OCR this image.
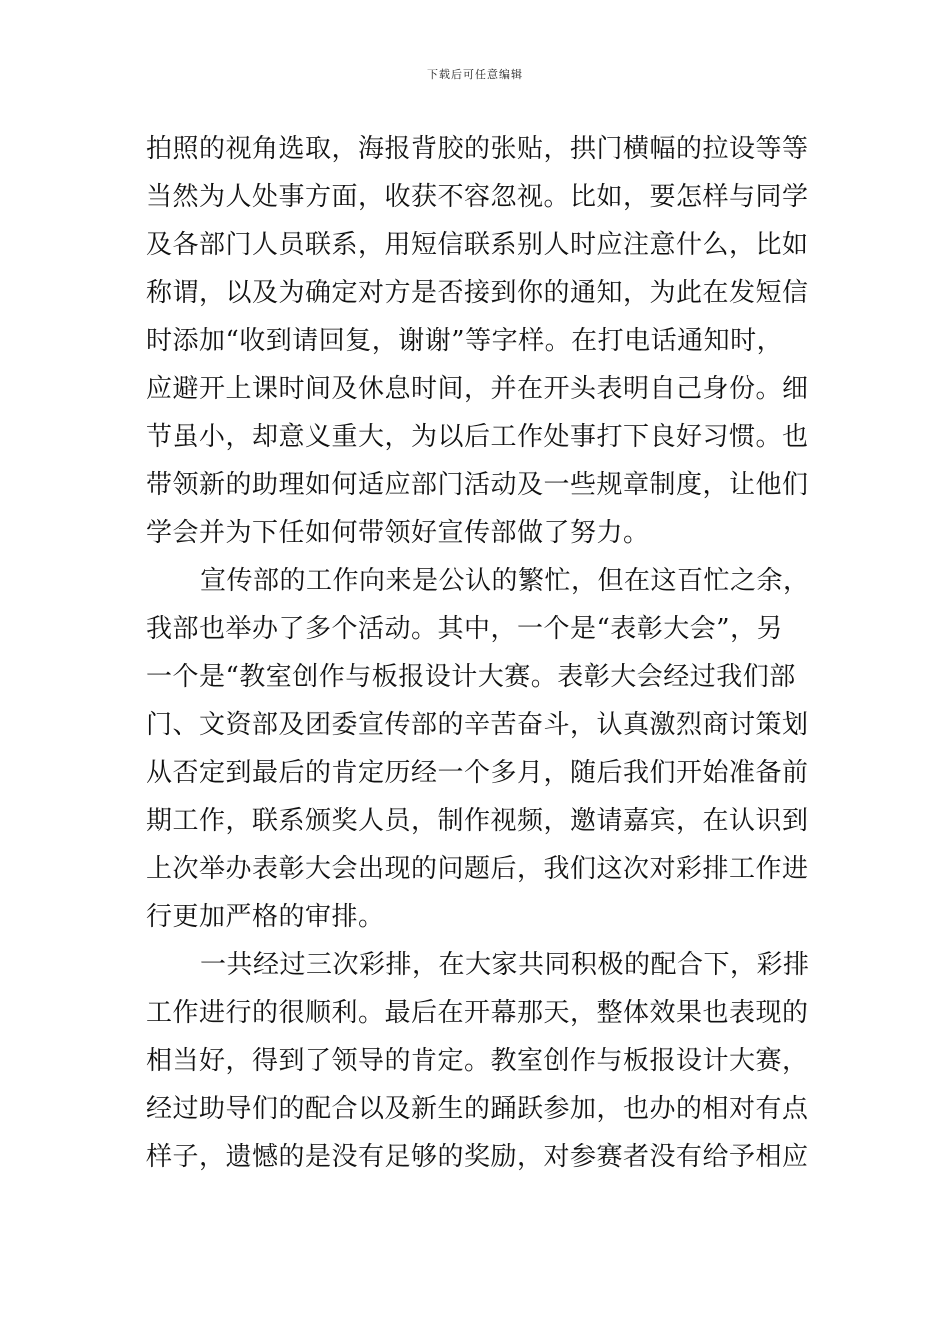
下载后可任意编辑
拍照的视角选取，海报背胶的张贴，拱门横幅的拉设等等
当然为人处事方面，收获不容忽视。比如，要怎样与同学
及各部门人员联系，用短信联系别人时应注意什么，比如
称谓，以及为确定对方是否接到你的通知，为此在发短信
时添加“收到请回复，谢谢”等字样。在打电话通知时，
应避开上课时间及休息时间，并在开头表明自己身份。细
节虽小，却意义重大，为以后工作处事打下良好习惯。也
带领新的助理如何适应部门活动及一些规章制度，让他们
学会并为下任如何带领好宣传部做了努力。
宣传部的工作向来是公认的繁忙，但在这百忙之余，
我部也举办了多个活动。其中，一个是“表彰大会”，另
一个是“教室创作与板报设计大赛。表彰大会经过我们部
门、文资部及团委宣传部的辛苦奋斗，认真激烈商讨策划
从否定到最后的肯定历经一个多月，随后我们开始准备前
期工作，联系颁奖人员，制作视频，邀请嘉宾，在认识到
上次举办表彰大会出现的问题后，我们这次对彩排工作进
行更加严格的审排。
一共经过三次彩排，在大家共同积极的配合下，彩排
工作进行的很顺利。最后在开幕那天，整体效果也表现的
相当好，得到了领导的肯定。教室创作与板报设计大赛，
经过助导们的配合以及新生的踊跃参加，也办的相对有点
样子，遗憾的是没有足够的奖励，对参赛者没有给予相应
